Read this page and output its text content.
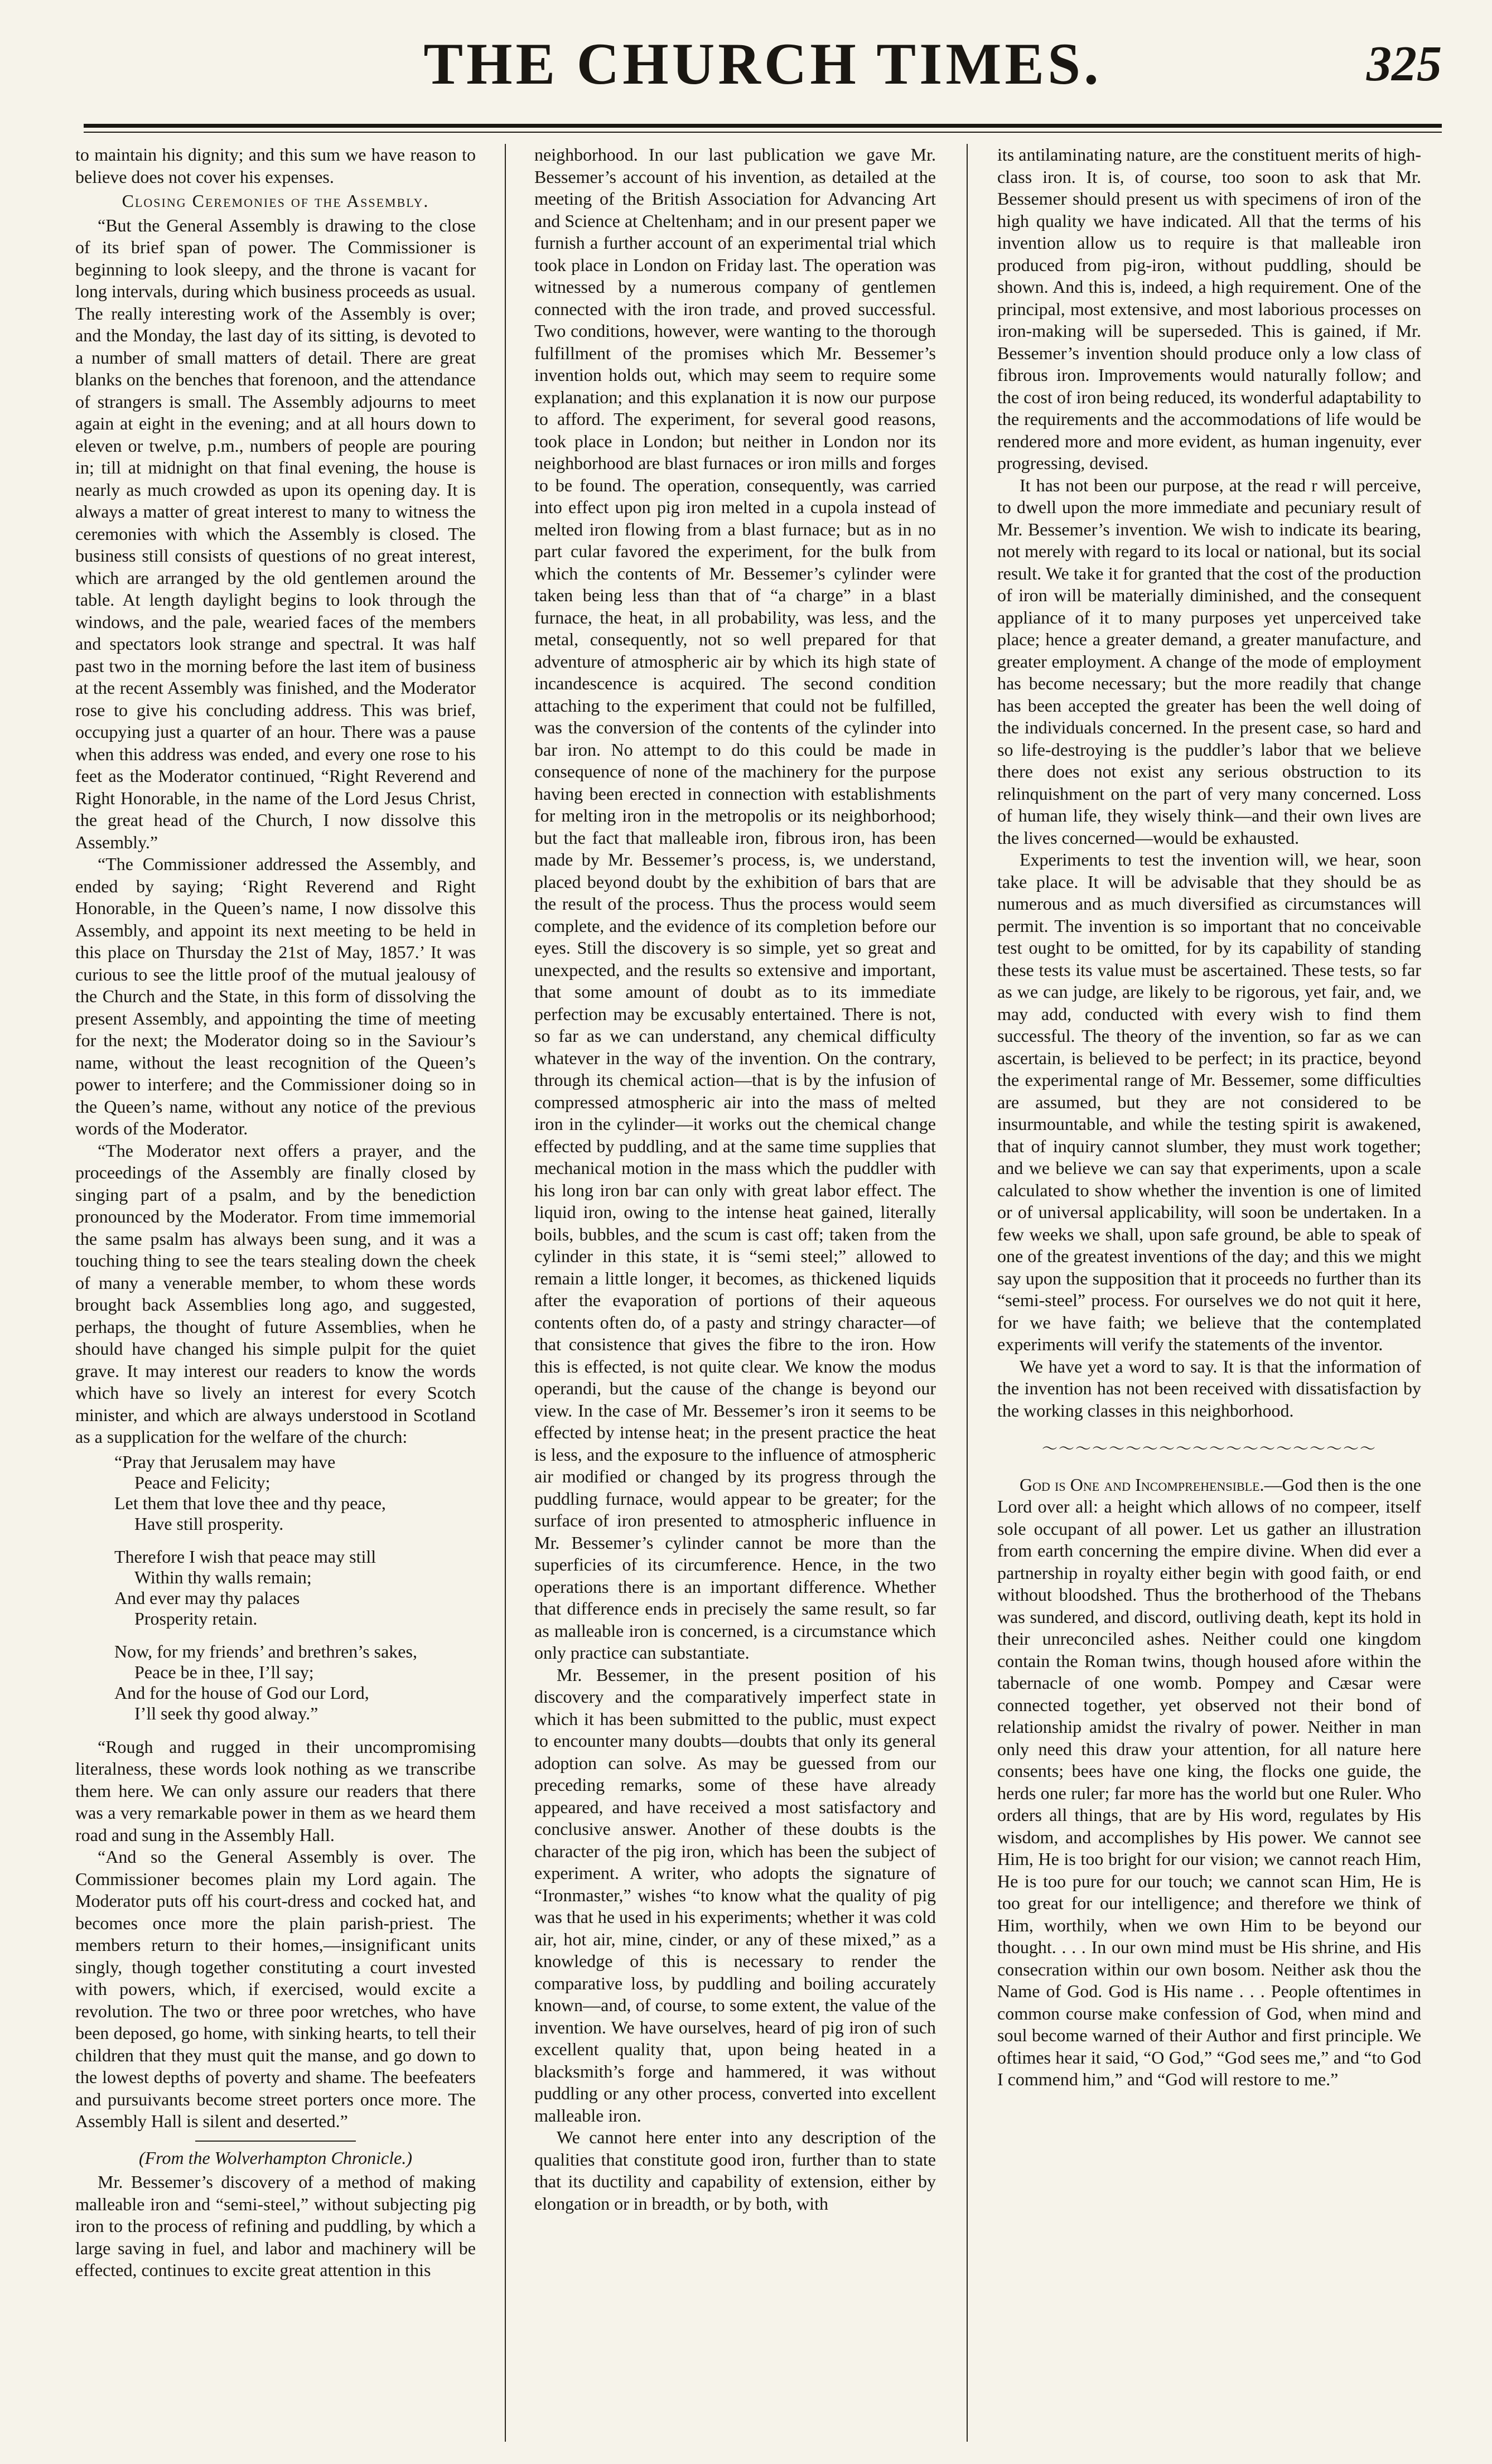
THE CHURCH TIMES.	325

to maintain his dignity; and this sum we have reason to believe does not cover his expenses.

Closing Ceremonies of the Assembly.

“But the General Assembly is drawing to the close of its brief span of power. The Commissioner is beginning to look sleepy, and the throne is vacant for long intervals, during which business proceeds as usual. The really interesting work of the Assembly is over; and the Monday, the last day of its sitting, is devoted to a number of small matters of detail. There are great blanks on the benches that forenoon, and the attendance of strangers is small. The Assembly adjourns to meet again at eight in the evening; and at all hours down to eleven or twelve, p.m., numbers of people are pouring in; till at midnight on that final evening, the house is nearly as much crowded as upon its opening day. It is always a matter of great interest to many to witness the ceremonies with which the Assembly is closed. The business still consists of questions of no great interest, which are arranged by the old gentlemen around the table. At length daylight begins to look through the windows, and the pale, wearied faces of the members and spectators look strange and spectral. It was half past two in the morning before the last item of business at the recent Assembly was finished, and the Moderator rose to give his concluding address. This was brief, occupying just a quarter of an hour. There was a pause when this address was ended, and every one rose to his feet as the Moderator continued, “Right Reverend and Right Honorable, in the name of the Lord Jesus Christ, the great head of the Church, I now dissolve this Assembly.”

“The Commissioner addressed the Assembly, and ended by saying; ‘Right Reverend and Right Honorable, in the Queen’s name, I now dissolve this Assembly, and appoint its next meeting to be held in this place on Thursday the 21st of May, 1857.’ It was curious to see the little proof of the mutual jealousy of the Church and the State, in this form of dissolving the present Assembly, and appointing the time of meeting for the next; the Moderator doing so in the Saviour’s name, without the least recognition of the Queen’s power to interfere; and the Commissioner doing so in the Queen’s name, without any notice of the previous words of the Moderator.

“The Moderator next offers a prayer, and the proceedings of the Assembly are finally closed by singing part of a psalm, and by the benediction pronounced by the Moderator. From time immemorial the same psalm has always been sung, and it was a touching thing to see the tears stealing down the cheek of many a venerable member, to whom these words brought back Assemblies long ago, and suggested, perhaps, the thought of future Assemblies, when he should have changed his simple pulpit for the quiet grave. It may interest our readers to know the words which have so lively an interest for every Scotch minister, and which are always understood in Scotland as a supplication for the welfare of the church:

“Pray that Jerusalem may have
Peace and Felicity;
Let them that love thee and thy peace,
Have still prosperity.
Therefore I wish that peace may still
Within thy walls remain;
And ever may thy palaces
Prosperity retain.
Now, for my friends’ and brethren’s sakes,
Peace be in thee, I’ll say;
And for the house of God our Lord,
I’ll seek thy good alway.”

“Rough and rugged in their uncompromising literalness, these words look nothing as we transcribe them here. We can only assure our readers that there was a very remarkable power in them as we heard them road and sung in the Assembly Hall.

“And so the General Assembly is over. The Commissioner becomes plain my Lord again. The Moderator puts off his court-dress and cocked hat, and becomes once more the plain parish-priest. The members return to their homes,—insignificant units singly, though together constituting a court invested with powers, which, if exercised, would excite a revolution. The two or three poor wretches, who have been deposed, go home, with sinking hearts, to tell their children that they must quit the manse, and go down to the lowest depths of poverty and shame. The beefeaters and pursuivants become street porters once more. The Assembly Hall is silent and deserted.”

(From the Wolverhampton Chronicle.)

Mr. Bessemer’s discovery of a method of making malleable iron and “semi-steel,” without subjecting pig iron to the process of refining and puddling, by which a large saving in fuel, and labor and machinery will be effected, continues to excite great attention in this

neighborhood. In our last publication we gave Mr. Bessemer’s account of his invention, as detailed at the meeting of the British Association for Advancing Art and Science at Cheltenham; and in our present paper we furnish a further account of an experimental trial which took place in London on Friday last. The operation was witnessed by a numerous company of gentlemen connected with the iron trade, and proved successful. Two conditions, however, were wanting to the thorough fulfillment of the promises which Mr. Bessemer’s invention holds out, which may seem to require some explanation; and this explanation it is now our purpose to afford. The experiment, for several good reasons, took place in London; but neither in London nor its neighborhood are blast furnaces or iron mills and forges to be found. The operation, consequently, was carried into effect upon pig iron melted in a cupola instead of melted iron flowing from a blast furnace; but as in no part cular favored the experiment, for the bulk from which the contents of Mr. Bessemer’s cylinder were taken being less than that of “a charge” in a blast furnace, the heat, in all probability, was less, and the metal, consequently, not so well prepared for that adventure of atmospheric air by which its high state of incandescence is acquired. The second condition attaching to the experiment that could not be fulfilled, was the conversion of the contents of the cylinder into bar iron. No attempt to do this could be made in consequence of none of the machinery for the purpose having been erected in connection with establishments for melting iron in the metropolis or its neighborhood; but the fact that malleable iron, fibrous iron, has been made by Mr. Bessemer’s process, is, we understand, placed beyond doubt by the exhibition of bars that are the result of the process. Thus the process would seem complete, and the evidence of its completion before our eyes. Still the discovery is so simple, yet so great and unexpected, and the results so extensive and important, that some amount of doubt as to its immediate perfection may be excusably entertained. There is not, so far as we can understand, any chemical difficulty whatever in the way of the invention. On the contrary, through its chemical action—that is by the infusion of compressed atmospheric air into the mass of melted iron in the cylinder—it works out the chemical change effected by puddling, and at the same time supplies that mechanical motion in the mass which the puddler with his long iron bar can only with great labor effect. The liquid iron, owing to the intense heat gained, literally boils, bubbles, and the scum is cast off; taken from the cylinder in this state, it is “semi steel;” allowed to remain a little longer, it becomes, as thickened liquids after the evaporation of portions of their aqueous contents often do, of a pasty and stringy character—of that consistence that gives the fibre to the iron. How this is effected, is not quite clear. We know the modus operandi, but the cause of the change is beyond our view. In the case of Mr. Bessemer’s iron it seems to be effected by intense heat; in the present practice the heat is less, and the exposure to the influence of atmospheric air modified or changed by its progress through the puddling furnace, would appear to be greater; for the surface of iron presented to atmospheric influence in Mr. Bessemer’s cylinder cannot be more than the superficies of its circumference. Hence, in the two operations there is an important difference. Whether that difference ends in precisely the same result, so far as malleable iron is concerned, is a circumstance which only practice can substantiate.

Mr. Bessemer, in the present position of his discovery and the comparatively imperfect state in which it has been submitted to the public, must expect to encounter many doubts—doubts that only its general adoption can solve. As may be guessed from our preceding remarks, some of these have already appeared, and have received a most satisfactory and conclusive answer. Another of these doubts is the character of the pig iron, which has been the subject of experiment. A writer, who adopts the signature of “Ironmaster,” wishes “to know what the quality of pig was that he used in his experiments; whether it was cold air, hot air, mine, cinder, or any of these mixed,” as a knowledge of this is necessary to render the comparative loss, by puddling and boiling accurately known—and, of course, to some extent, the value of the invention. We have ourselves, heard of pig iron of such excellent quality that, upon being heated in a blacksmith’s forge and hammered, it was without puddling or any other process, converted into excellent malleable iron.

We cannot here enter into any description of the qualities that constitute good iron, further than to state that its ductility and capability of extension, either by elongation or in breadth, or by both, with

its antilaminating nature, are the constituent merits of high-class iron. It is, of course, too soon to ask that Mr. Bessemer should present us with specimens of iron of the high quality we have indicated. All that the terms of his invention allow us to require is that malleable iron produced from pig-iron, without puddling, should be shown. And this is, indeed, a high requirement. One of the principal, most extensive, and most laborious processes on iron-making will be superseded. This is gained, if Mr. Bessemer’s invention should produce only a low class of fibrous iron. Improvements would naturally follow; and the cost of iron being reduced, its wonderful adaptability to the requirements and the accommodations of life would be rendered more and more evident, as human ingenuity, ever progressing, devised.

It has not been our purpose, at the read r will perceive, to dwell upon the more immediate and pecuniary result of Mr. Bessemer’s invention. We wish to indicate its bearing, not merely with regard to its local or national, but its social result. We take it for granted that the cost of the production of iron will be materially diminished, and the consequent appliance of it to many purposes yet unperceived take place; hence a greater demand, a greater manufacture, and greater employment. A change of the mode of employment has become necessary; but the more readily that change has been accepted the greater has been the well doing of the individuals concerned. In the present case, so hard and so life-destroying is the puddler’s labor that we believe there does not exist any serious obstruction to its relinquishment on the part of very many concerned. Loss of human life, they wisely think—and their own lives are the lives concerned—would be exhausted.

Experiments to test the invention will, we hear, soon take place. It will be advisable that they should be as numerous and as much diversified as circumstances will permit. The invention is so important that no conceivable test ought to be omitted, for by its capability of standing these tests its value must be ascertained. These tests, so far as we can judge, are likely to be rigorous, yet fair, and, we may add, conducted with every wish to find them successful. The theory of the invention, so far as we can ascertain, is believed to be perfect; in its practice, beyond the experimental range of Mr. Bessemer, some difficulties are assumed, but they are not considered to be insurmountable, and while the testing spirit is awakened, that of inquiry cannot slumber, they must work together; and we believe we can say that experiments, upon a scale calculated to show whether the invention is one of limited or of universal applicability, will soon be undertaken. In a few weeks we shall, upon safe ground, be able to speak of one of the greatest inventions of the day; and this we might say upon the supposition that it proceeds no further than its “semi-steel” process. For ourselves we do not quit it here, for we have faith; we believe that the contemplated experiments will verify the statements of the inventor.

We have yet a word to say. It is that the information of the invention has not been received with dissatisfaction by the working classes in this neighborhood.

〜〜〜〜〜〜〜〜〜〜〜〜〜〜〜〜〜〜〜〜

God is One and Incomprehensible.—God then is the one Lord over all: a height which allows of no compeer, itself sole occupant of all power. Let us gather an illustration from earth concerning the empire divine. When did ever a partnership in royalty either begin with good faith, or end without bloodshed. Thus the brotherhood of the Thebans was sundered, and discord, outliving death, kept its hold in their unreconciled ashes. Neither could one kingdom contain the Roman twins, though housed afore within the tabernacle of one womb. Pompey and Cæsar were connected together, yet observed not their bond of relationship amidst the rivalry of power. Neither in man only need this draw your attention, for all nature here consents; bees have one king, the flocks one guide, the herds one ruler; far more has the world but one Ruler. Who orders all things, that are by His word, regulates by His wisdom, and accomplishes by His power. We cannot see Him, He is too bright for our vision; we cannot reach Him, He is too pure for our touch; we cannot scan Him, He is too great for our intelligence; and therefore we think of Him, worthily, when we own Him to be beyond our thought. . . . In our own mind must be His shrine, and His consecration within our own bosom. Neither ask thou the Name of God. God is His name . . . People oftentimes in common course make confession of God, when mind and soul become warned of their Author and first principle. We oftimes hear it said, “O God,” “God sees me,” and “to God I commend him,” and “God will restore to me.”
